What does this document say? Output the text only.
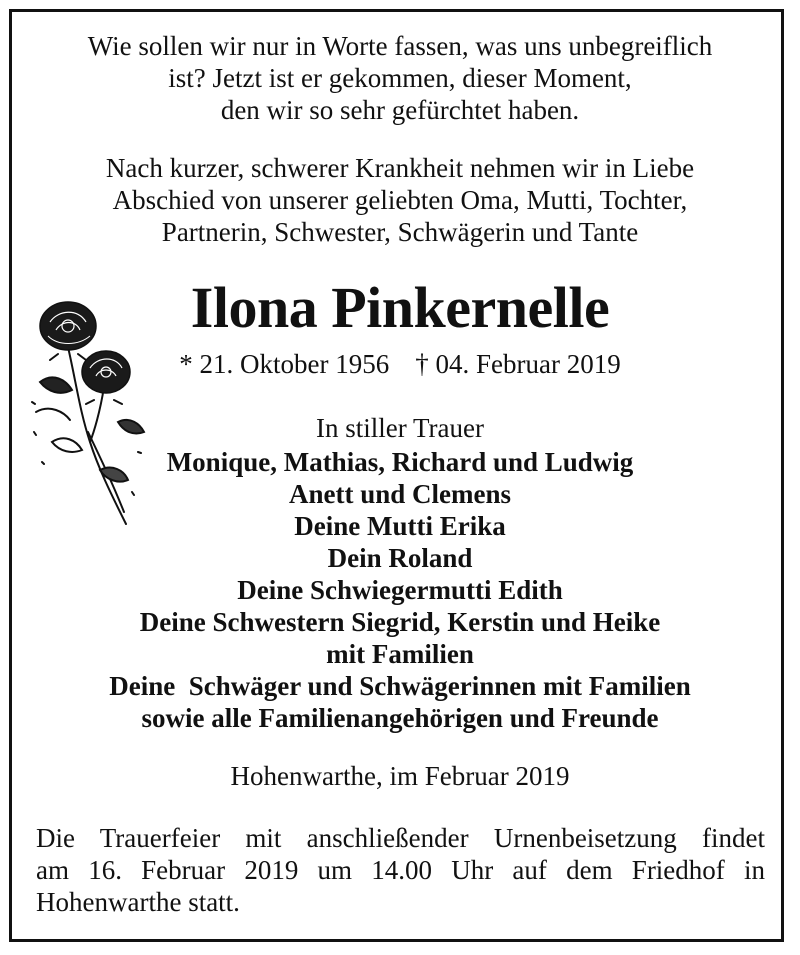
Wie sollen wir nur in Worte fassen, was uns unbegreiflich
ist? Jetzt ist er gekommen, dieser Moment,
den wir so sehr gefürchtet haben.
Nach kurzer, schwerer Krankheit nehmen wir in Liebe
Abschied von unserer geliebten Oma, Mutti, Tochter,
Partnerin, Schwester, Schwägerin und Tante
Ilona Pinkernelle
* 21. Oktober 1956 † 04. Februar 2019
In stiller Trauer
Monique, Mathias, Richard und Ludwig
Anett und Clemens
Deine Mutti Erika
Dein Roland
Deine Schwiegermutti Edith
Deine Schwestern Siegrid, Kerstin und Heike
mit Familien
Deine  Schwäger und Schwägerinnen mit Familien
sowie alle Familienangehörigen und Freunde
Hohenwarthe, im Februar 2019
Die Trauerfeier mit anschließender Urnenbeisetzung findet
am 16. Februar 2019 um 14.00 Uhr auf dem Friedhof in
Hohenwarthe statt.
